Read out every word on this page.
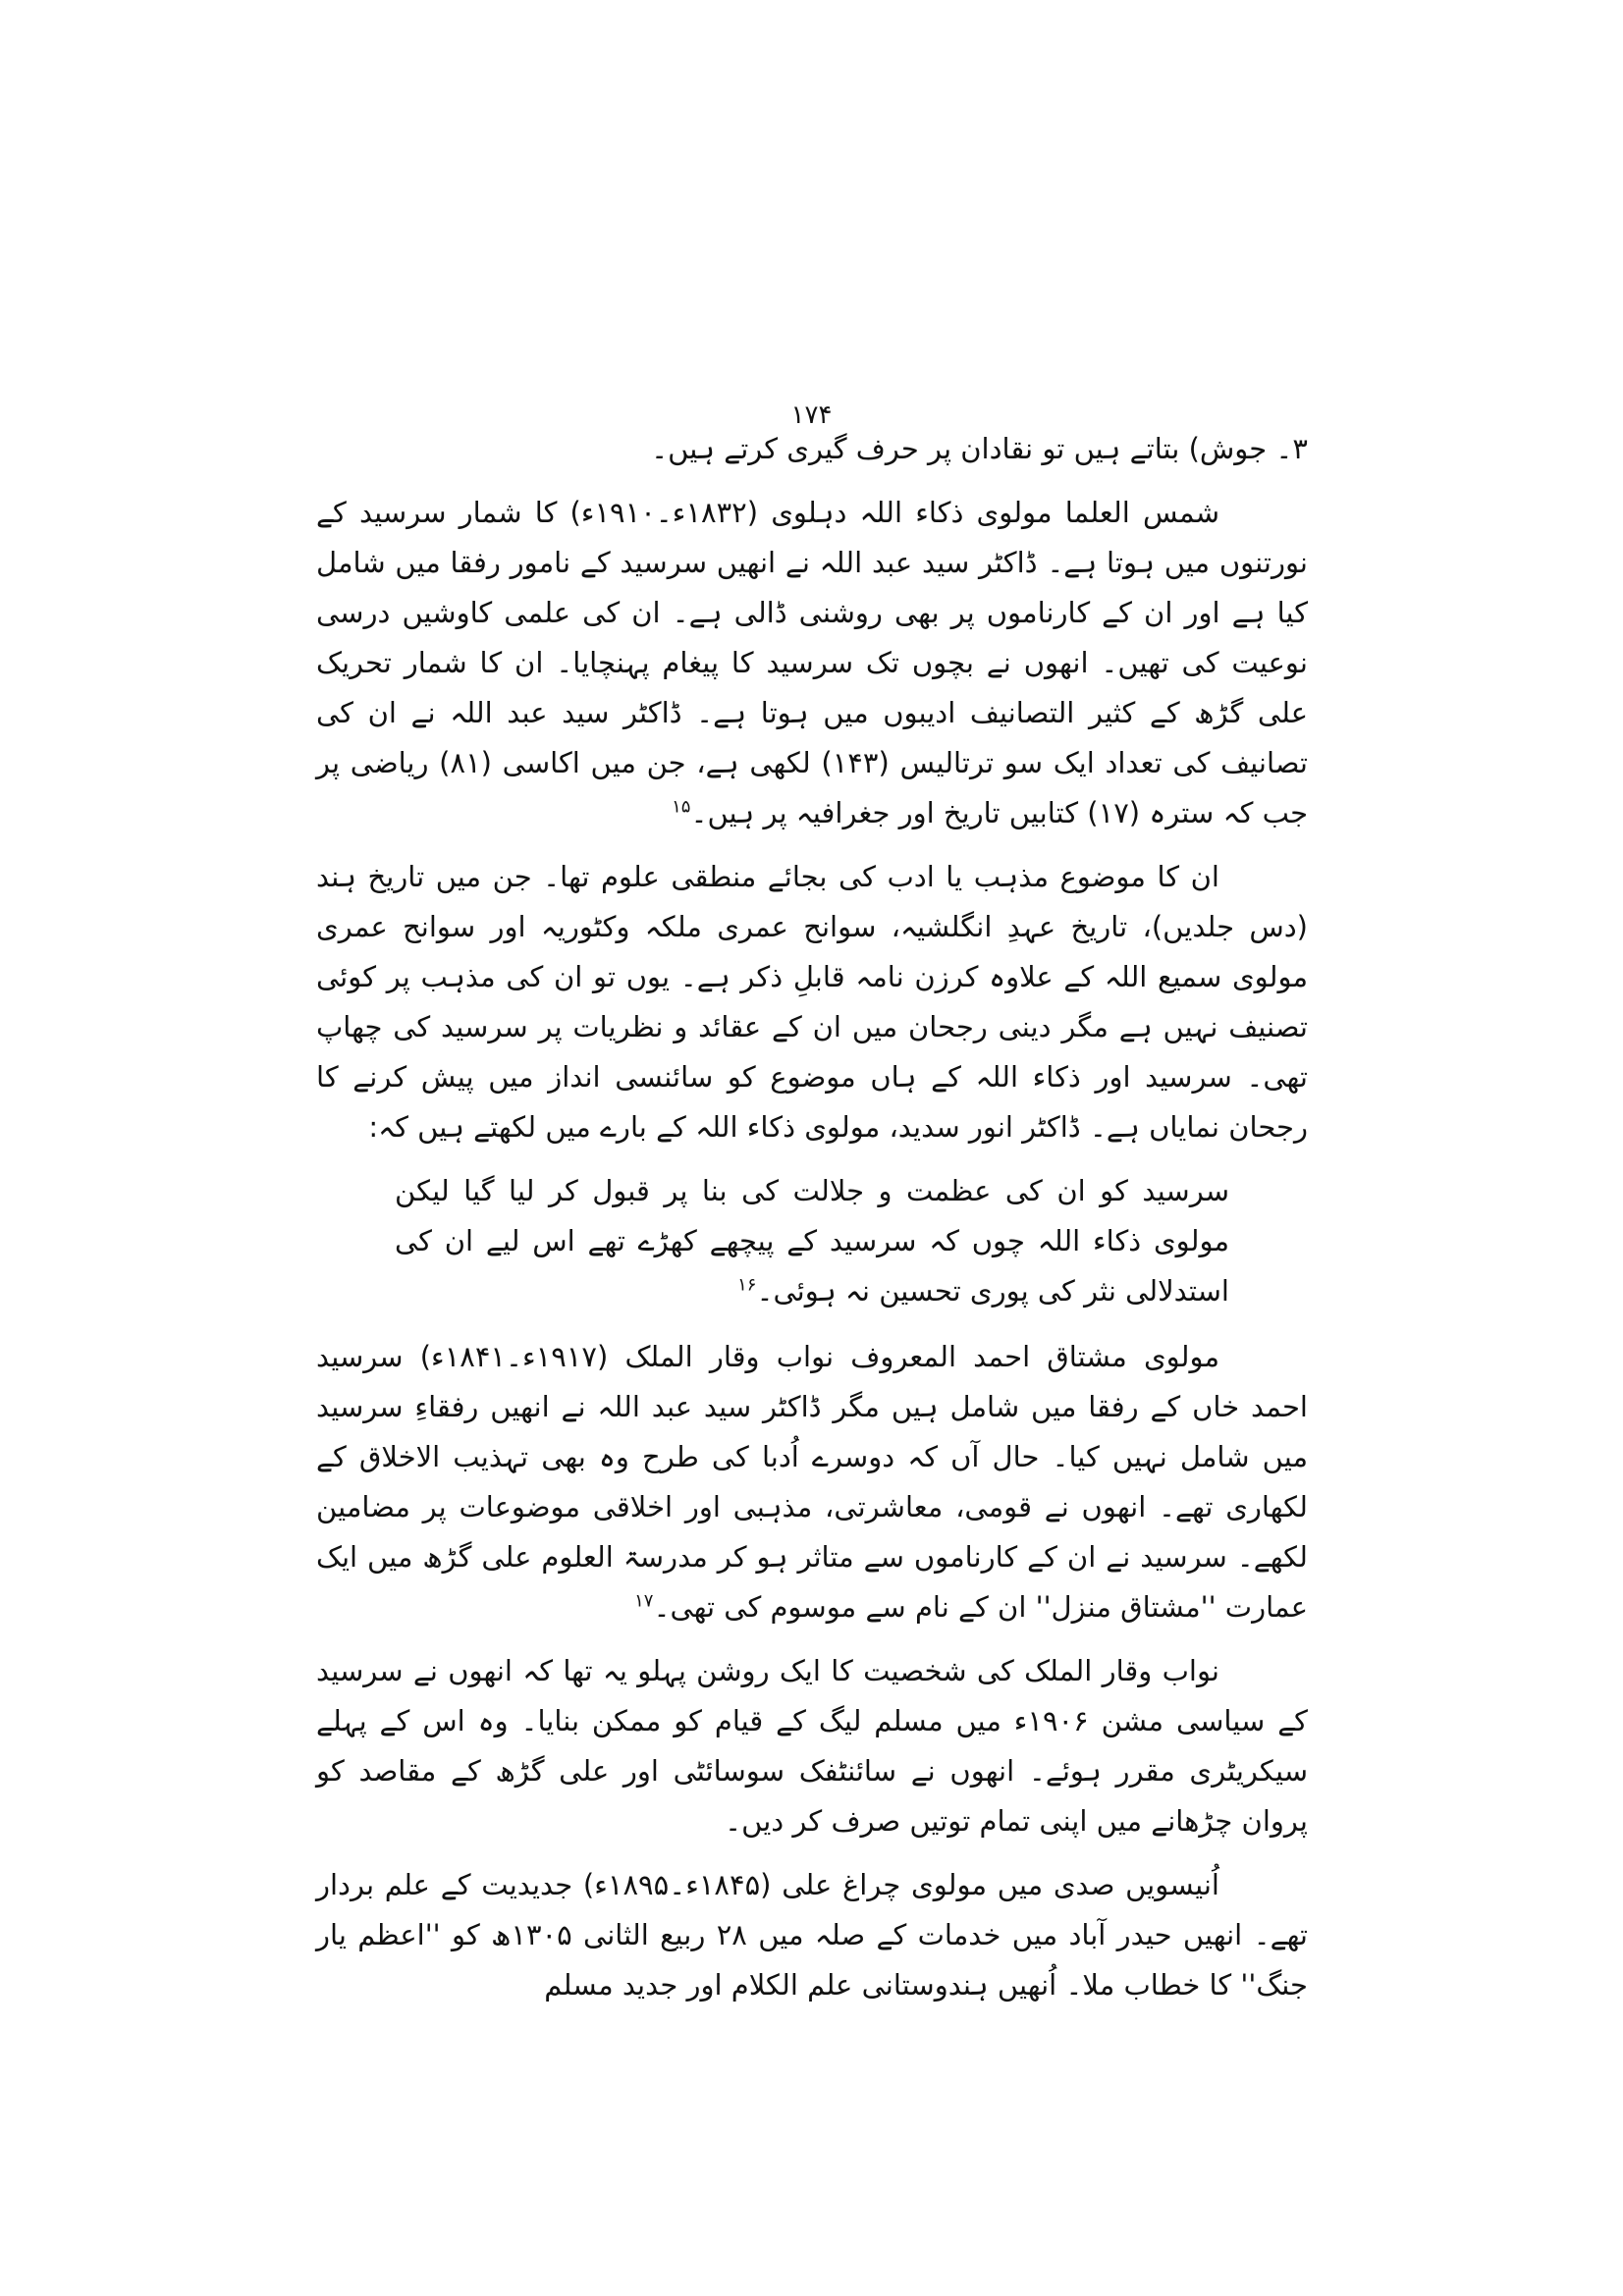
۱۷۴

۳۔ جوش) بتاتے ہیں تو نقادان پر حرف گیری کرتے ہیں۔

شمس العلما مولوی ذکاء اللہ دہلوی (۱۸۳۲ء۔۱۹۱۰ء) کا شمار سرسید کے نورتنوں میں ہوتا ہے۔ ڈاکٹر سید عبد اللہ نے انھیں سرسید کے نامور رفقا میں شامل کیا ہے اور ان کے کارناموں پر بھی روشنی ڈالی ہے۔ ان کی علمی کاوشیں درسی نوعیت کی تھیں۔ انھوں نے بچوں تک سرسید کا پیغام پہنچایا۔ ان کا شمار تحریک علی گڑھ کے کثیر التصانیف ادیبوں میں ہوتا ہے۔ ڈاکٹر سید عبد اللہ نے ان کی تصانیف کی تعداد ایک سو ترتالیس (۱۴۳) لکھی ہے، جن میں اکاسی (۸۱) ریاضی پر جب کہ سترہ (۱۷) کتابیں تاریخ اور جغرافیہ پر ہیں۔$^{۱۵}$

ان کا موضوع مذہب یا ادب کی بجائے منطقی علوم تھا۔ جن میں تاریخ ہند (دس جلدیں)، تاریخ عہدِ انگلشیہ، سوانح عمری ملکہ وکٹوریہ اور سوانح عمری مولوی سمیع اللہ کے علاوہ کرزن نامہ قابلِ ذکر ہے۔ یوں تو ان کی مذہب پر کوئی تصنیف نہیں ہے مگر دینی رجحان میں ان کے عقائد و نظریات پر سرسید کی چھاپ تھی۔ سرسید اور ذکاء اللہ کے ہاں موضوع کو سائنسی انداز میں پیش کرنے کا رجحان نمایاں ہے۔ ڈاکٹر انور سدید، مولوی ذکاء اللہ کے بارے میں لکھتے ہیں کہ:

سرسید کو ان کی عظمت و جلالت کی بنا پر قبول کر لیا گیا لیکن مولوی ذکاء اللہ چوں کہ سرسید کے پیچھے کھڑے تھے اس لیے ان کی استدلالی نثر کی پوری تحسین نہ ہوئی۔$^{۱۶}$

مولوی مشتاق احمد المعروف نواب وقار الملک (۱۹۱۷ء۔۱۸۴۱ء) سرسید احمد خاں کے رفقا میں شامل ہیں مگر ڈاکٹر سید عبد اللہ نے انھیں رفقاءِ سرسید میں شامل نہیں کیا۔ حال آں کہ دوسرے اُدبا کی طرح وہ بھی تہذیب الاخلاق کے لکھاری تھے۔ انھوں نے قومی، معاشرتی، مذہبی اور اخلاقی موضوعات پر مضامین لکھے۔ سرسید نے ان کے کارناموں سے متاثر ہو کر مدرسۃ العلوم علی گڑھ میں ایک عمارت ''مشتاق منزل'' ان کے نام سے موسوم کی تھی۔$^{۱۷}$

نواب وقار الملک کی شخصیت کا ایک روشن پہلو یہ تھا کہ انھوں نے سرسید کے سیاسی مشن ۱۹۰۶ء میں مسلم لیگ کے قیام کو ممکن بنایا۔ وہ اس کے پہلے سیکریٹری مقرر ہوئے۔ انھوں نے سائنٹفک سوسائٹی اور علی گڑھ کے مقاصد کو پروان چڑھانے میں اپنی تمام توتیں صرف کر دیں۔

اُنیسویں صدی میں مولوی چراغ علی (۱۸۴۵ء۔۱۸۹۵ء) جدیدیت کے علم بردار تھے۔ انھیں حیدر آباد میں خدمات کے صلہ میں ۲۸ ربیع الثانی ۱۳۰۵ھ کو ''اعظم یار جنگ'' کا خطاب ملا۔ اُنھیں ہندوستانی علم الکلام اور جدید مسلم
